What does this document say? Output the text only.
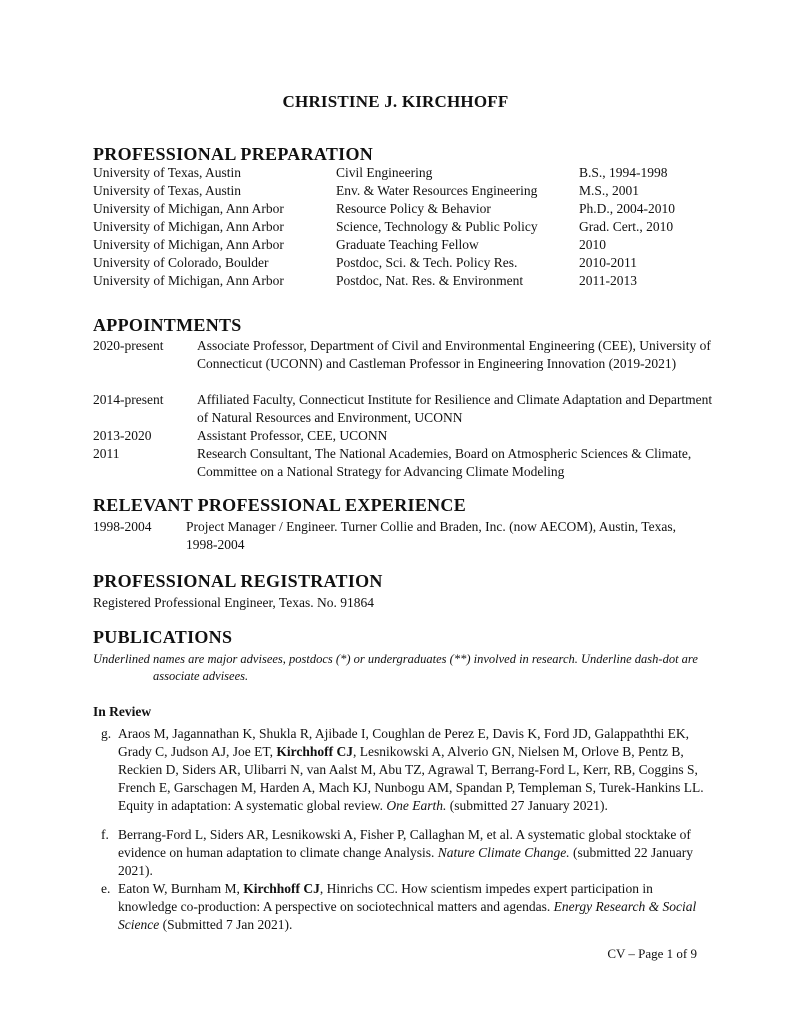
CHRISTINE J. KIRCHHOFF
PROFESSIONAL PREPARATION
University of Texas, Austin	Civil Engineering	B.S., 1994-1998
University of Texas, Austin	Env. & Water Resources Engineering	M.S., 2001
University of Michigan, Ann Arbor	Resource Policy & Behavior	Ph.D., 2004-2010
University of Michigan, Ann Arbor	Science, Technology & Public Policy	Grad. Cert., 2010
University of Michigan, Ann Arbor	Graduate Teaching Fellow	2010
University of Colorado, Boulder	Postdoc, Sci. & Tech. Policy Res.	2010-2011
University of Michigan, Ann Arbor	Postdoc, Nat. Res. & Environment	2011-2013
APPOINTMENTS
2020-present Associate Professor, Department of Civil and Environmental Engineering (CEE), University of Connecticut (UCONN) and Castleman Professor in Engineering Innovation (2019-2021)
2014-present Affiliated Faculty, Connecticut Institute for Resilience and Climate Adaptation and Department of Natural Resources and Environment, UCONN
2013-2020	Assistant Professor, CEE, UCONN
2011	Research Consultant, The National Academies, Board on Atmospheric Sciences & Climate, Committee on a National Strategy for Advancing Climate Modeling
RELEVANT PROFESSIONAL EXPERIENCE
1998-2004	Project Manager / Engineer. Turner Collie and Braden, Inc. (now AECOM), Austin, Texas, 1998-2004
PROFESSIONAL REGISTRATION
Registered Professional Engineer, Texas. No. 91864
PUBLICATIONS
Underlined names are major advisees, postdocs (*) or undergraduates (**) involved in research. Underline dash-dot are
associate advisees.
In Review
g. Araos M, Jagannathan K, Shukla R, Ajibade I, Coughlan de Perez E, Davis K, Ford JD, Galappaththi EK, Grady C, Judson AJ, Joe ET, Kirchhoff CJ, Lesnikowski A, Alverio GN, Nielsen M, Orlove B, Pentz B, Reckien D, Siders AR, Ulibarri N, van Aalst M, Abu TZ, Agrawal T, Berrang-Ford L, Kerr, RB, Coggins S, French E, Garschagen M, Harden A, Mach KJ, Nunbogu AM, Spandan P, Templeman S, Turek-Hankins LL. Equity in adaptation: A systematic global review. One Earth. (submitted 27 January 2021).
f. Berrang-Ford L, Siders AR, Lesnikowski A, Fisher P, Callaghan M, et al. A systematic global stocktake of evidence on human adaptation to climate change Analysis. Nature Climate Change. (submitted 22 January 2021).
e. Eaton W, Burnham M, Kirchhoff CJ, Hinrichs CC. How scientism impedes expert participation in knowledge co-production: A perspective on sociotechnical matters and agendas. Energy Research & Social Science (Submitted 7 Jan 2021).
CV – Page 1 of 9
